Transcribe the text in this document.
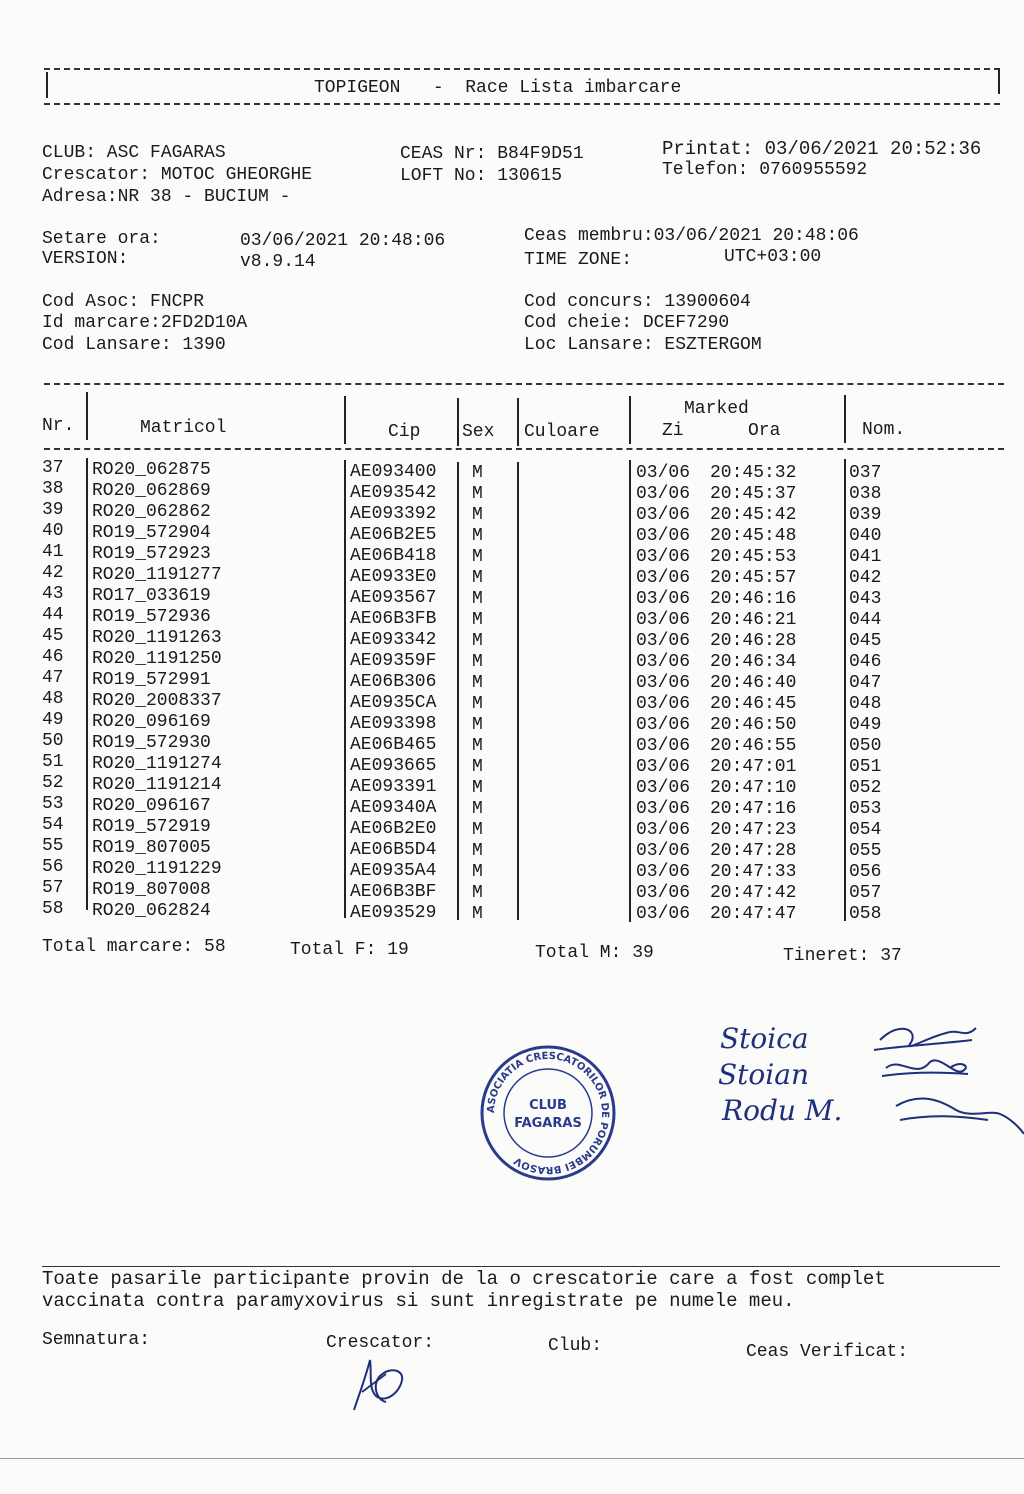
TOPIGEON   -  Race Lista imbarcare
CLUB: ASC FAGARAS
Crescator: MOTOC GHEORGHE
Adresa:NR 38 - BUCIUM -
CEAS Nr: B84F9D51
LOFT No: 130615
Printat: 03/06/2021 20:52:36
Telefon: 0760955592
Setare ora:	03/06/2021 20:48:06
VERSION:	v8.9.14
Ceas membru:03/06/2021 20:48:06
TIME ZONE:	UTC+03:00
Cod Asoc: FNCPR
Id marcare:2FD2D10A
Cod Lansare: 1390
Cod concurs: 13900604
Cod cheie: DCEF7290
Loc Lansare: ESZTERGOM
Nr.	Matricol	Cip Sex Culoare
Marked
Zi	Ora	Nom.
37 RO20_062875	AE093400 M	03/06 20:45:32	037
38 RO20_062869	AE093542 M	03/06 20:45:37	038
39 RO20_062862	AE093392 M	03/06 20:45:42	039
40 RO19_572904	AE06B2E5 M	03/06 20:45:48	040
41 RO19_572923	AE06B418 M	03/06 20:45:53	041
42 RO20_1191277	AE0933E0 M	03/06 20:45:57	042
43 RO17_033619	AE093567 M	03/06 20:46:16	043
44 RO19_572936	AE06B3FB M	03/06 20:46:21	044
45 RO20_1191263	AE093342 M	03/06 20:46:28	045
46 RO20_1191250	AE09359F M	03/06 20:46:34	046
47 RO19_572991	AE06B306 M	03/06 20:46:40	047
48 RO20_2008337	AE0935CA M	03/06 20:46:45	048
49 RO20_096169	AE093398 M	03/06 20:46:50	049
50 RO19_572930	AE06B465 M	03/06 20:46:55	050
51 RO20_1191274	AE093665 M	03/06 20:47:01	051
52 RO20_1191214	AE093391 M	03/06 20:47:10	052
53 RO20_096167	AE09340A M	03/06 20:47:16	053
54 RO19_572919	AE06B2E0 M	03/06 20:47:23	054
55 RO19_807005	AE06B5D4 M	03/06 20:47:28	055
56 RO20_1191229	AE0935A4 M	03/06 20:47:33	056
57 RO19_807008	AE06B3BF M	03/06 20:47:42	057
58 RO20_062824	AE093529 M	03/06 20:47:47	058
Total marcare: 58	Total F: 19	Total M: 39	Tineret: 37
Stoica
Stoian
Rodu M.
ASOCIATIA CRESCATORILOR DE PORUMBEI BRASOV
CLUB
FAGARAS
Toate pasarile participante provin de la o crescatorie care a fost complet
vaccinata contra paramyxovirus si sunt inregistrate pe numele meu.
Semnatura:	Crescator:	Club:	Ceas Verificat:
